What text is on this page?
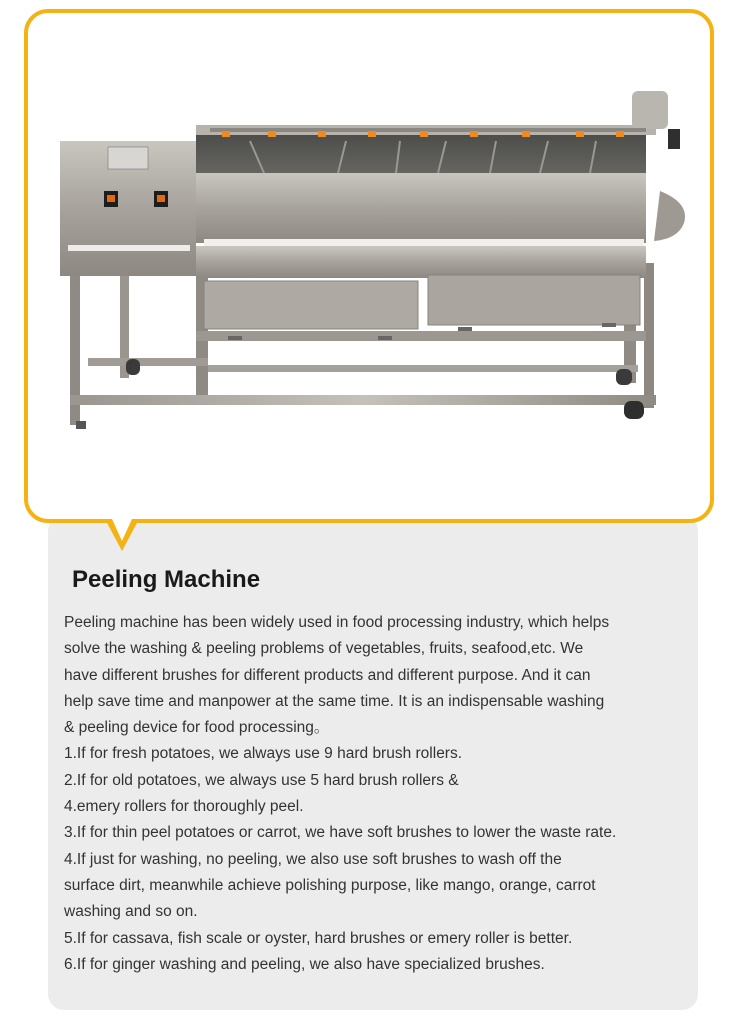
Peeling Machine
Peeling machine has been widely used in food processing industry, which helps
solve the washing & peeling problems of vegetables, fruits, seafood,etc. We
have different brushes for different products and different purpose. And it can
help save time and manpower at the same time. It is an indispensable washing
& peeling device for food processing。
1.If for fresh potatoes, we always use 9 hard brush rollers.
2.If for old potatoes, we always use 5 hard brush rollers &
4.emery rollers for thoroughly peel.
3.If for thin peel potatoes or carrot, we have soft brushes to lower the waste rate.
4.If just for washing, no peeling, we also use soft brushes to wash off the
surface dirt, meanwhile achieve polishing purpose, like mango, orange, carrot
washing and so on.
5.If for cassava, fish scale or oyster, hard brushes or emery roller is better.
6.If for ginger washing and peeling, we also have specialized brushes.
